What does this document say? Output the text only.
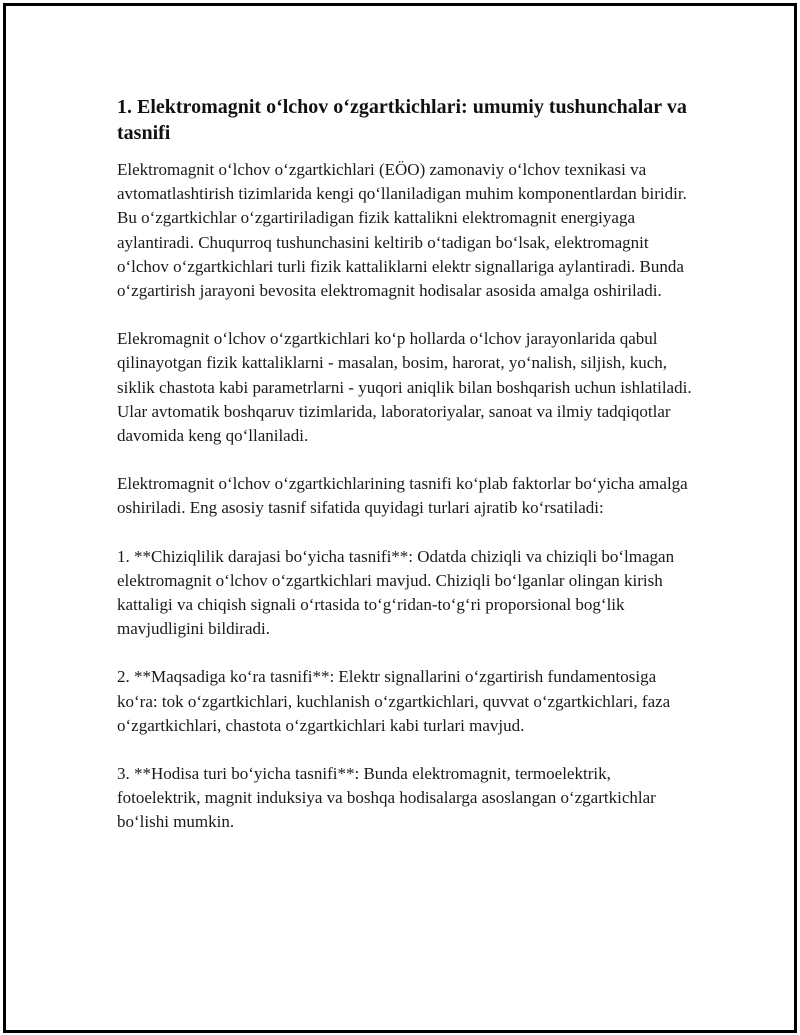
1. Elektromagnit o‘lchov o‘zgartkichlari: umumiy tushunchalar va tasnifi

Elektromagnit o‘lchov o‘zgartkichlari (EÖO) zamonaviy o‘lchov texnikasi va avtomatlashtirish tizimlarida kengi qo‘llaniladigan muhim komponentlardan biridir. Bu o‘zgartkichlar o‘zgartiriladigan fizik kattalikni elektromagnit energiyaga aylantiradi. Chuqurroq tushunchasini keltirib o‘tadigan bo‘lsak, elektromagnit o‘lchov o‘zgartkichlari turli fizik kattaliklarni elektr signallariga aylantiradi. Bunda o‘zgartirish jarayoni bevosita elektromagnit hodisalar asosida amalga oshiriladi.

Elekromagnit o‘lchov o‘zgartkichlari ko‘p hollarda o‘lchov jarayonlarida qabul qilinayotgan fizik kattaliklarni - masalan, bosim, harorat, yo‘nalish, siljish, kuch, siklik chastota kabi parametrlarni - yuqori aniqlik bilan boshqarish uchun ishlatiladi. Ular avtomatik boshqaruv tizimlarida, laboratoriyalar, sanoat va ilmiy tadqiqotlar davomida keng qo‘llaniladi.

Elektromagnit o‘lchov o‘zgartkichlarining tasnifi ko‘plab faktorlar bo‘yicha amalga oshiriladi. Eng asosiy tasnif sifatida quyidagi turlari ajratib ko‘rsatiladi:

1. **Chiziqlilik darajasi bo‘yicha tasnifi**: Odatda chiziqli va chiziqli bo‘lmagan elektromagnit o‘lchov o‘zgartkichlari mavjud. Chiziqli bo‘lganlar olingan kirish kattaligi va chiqish signali o‘rtasida to‘g‘ridan-to‘g‘ri proporsional bog‘lik mavjudligini bildiradi.

2. **Maqsadiga ko‘ra tasnifi**: Elektr signallarini o‘zgartirish fundamentosiga ko‘ra: tok o‘zgartkichlari, kuchlanish o‘zgartkichlari, quvvat o‘zgartkichlari, faza o‘zgartkichlari, chastota o‘zgartkichlari kabi turlari mavjud.

3. **Hodisa turi bo‘yicha tasnifi**: Bunda elektromagnit, termoelektrik, fotoelektrik, magnit induksiya va boshqa hodisalarga asoslangan o‘zgartkichlar bo‘lishi mumkin.
